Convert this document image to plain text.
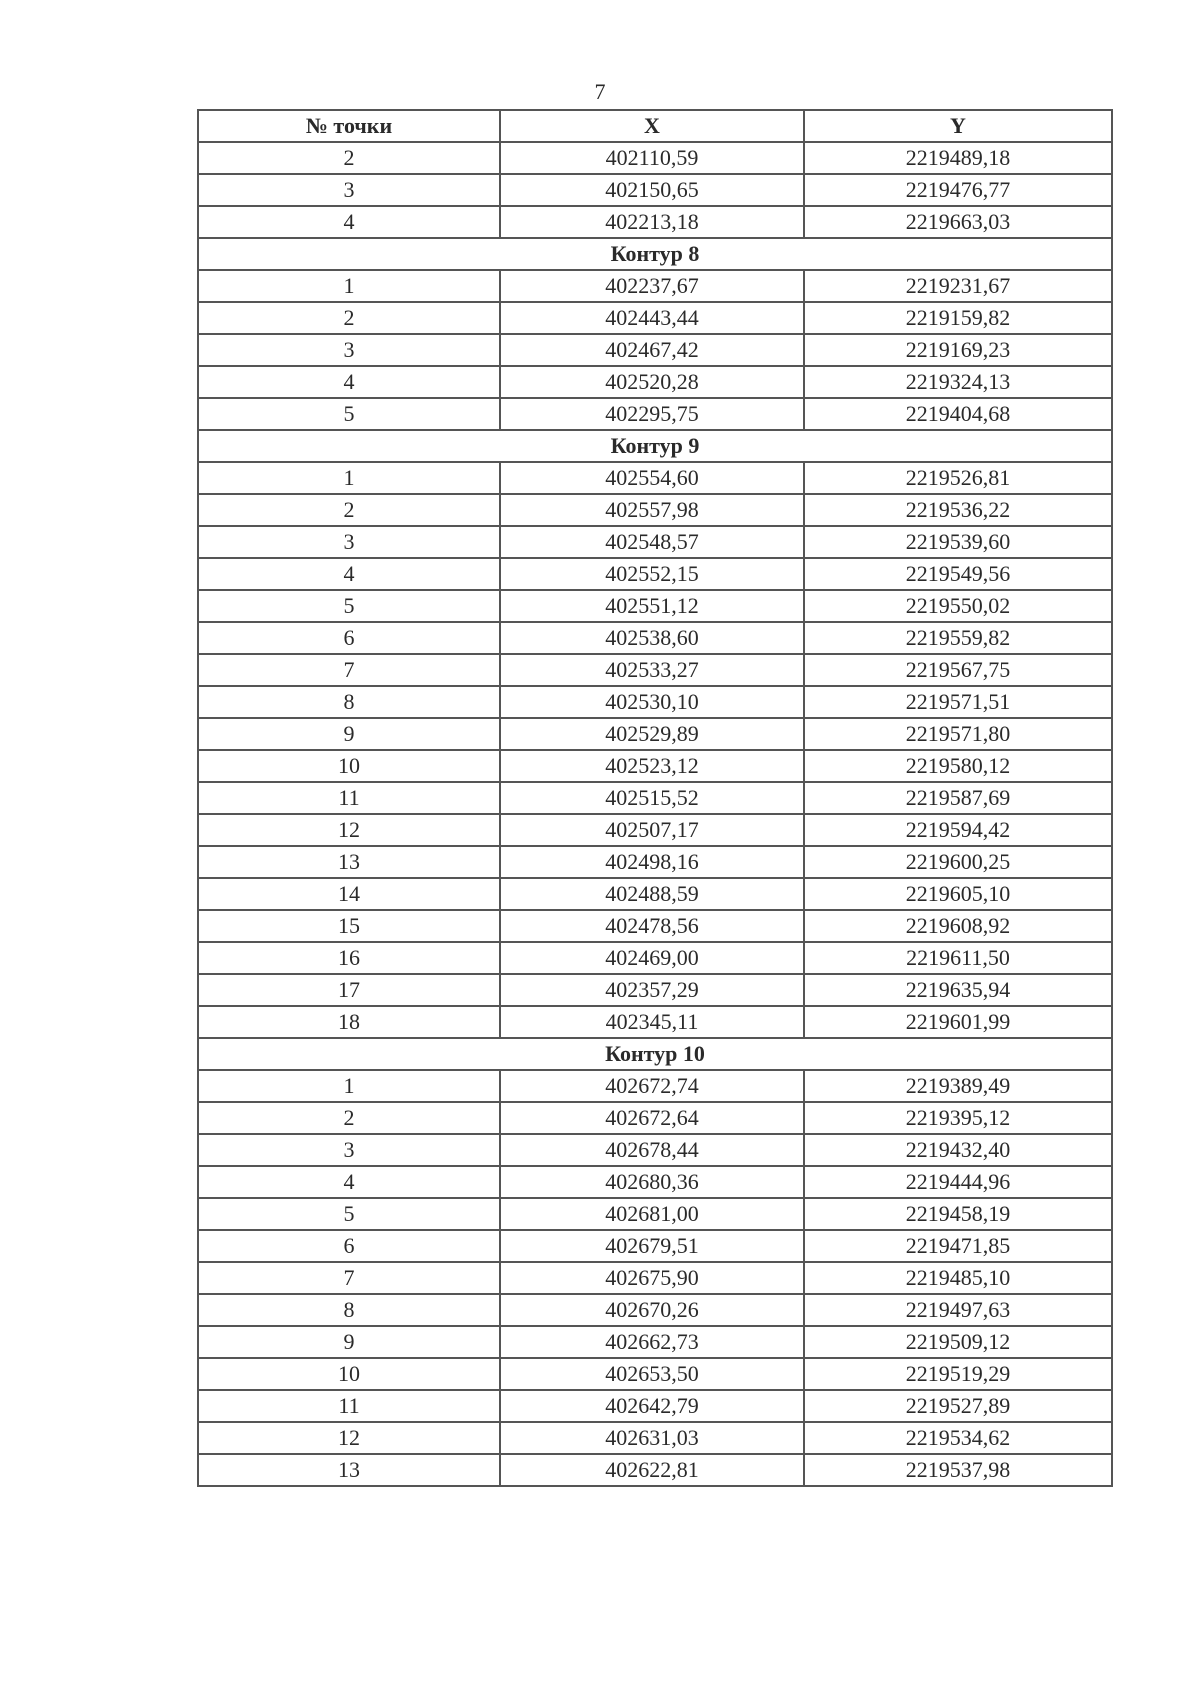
7
№ точки	X	Y
2	402110,59	2219489,18
3	402150,65	2219476,77
4	402213,18	2219663,03
Контур 8		
1	402237,67	2219231,67
2	402443,44	2219159,82
3	402467,42	2219169,23
4	402520,28	2219324,13
5	402295,75	2219404,68
Контур 9		
1	402554,60	2219526,81
2	402557,98	2219536,22
3	402548,57	2219539,60
4	402552,15	2219549,56
5	402551,12	2219550,02
6	402538,60	2219559,82
7	402533,27	2219567,75
8	402530,10	2219571,51
9	402529,89	2219571,80
10	402523,12	2219580,12
11	402515,52	2219587,69
12	402507,17	2219594,42
13	402498,16	2219600,25
14	402488,59	2219605,10
15	402478,56	2219608,92
16	402469,00	2219611,50
17	402357,29	2219635,94
18	402345,11	2219601,99
Контур 10		
1	402672,74	2219389,49
2	402672,64	2219395,12
3	402678,44	2219432,40
4	402680,36	2219444,96
5	402681,00	2219458,19
6	402679,51	2219471,85
7	402675,90	2219485,10
8	402670,26	2219497,63
9	402662,73	2219509,12
10	402653,50	2219519,29
11	402642,79	2219527,89
12	402631,03	2219534,62
13	402622,81	2219537,98
